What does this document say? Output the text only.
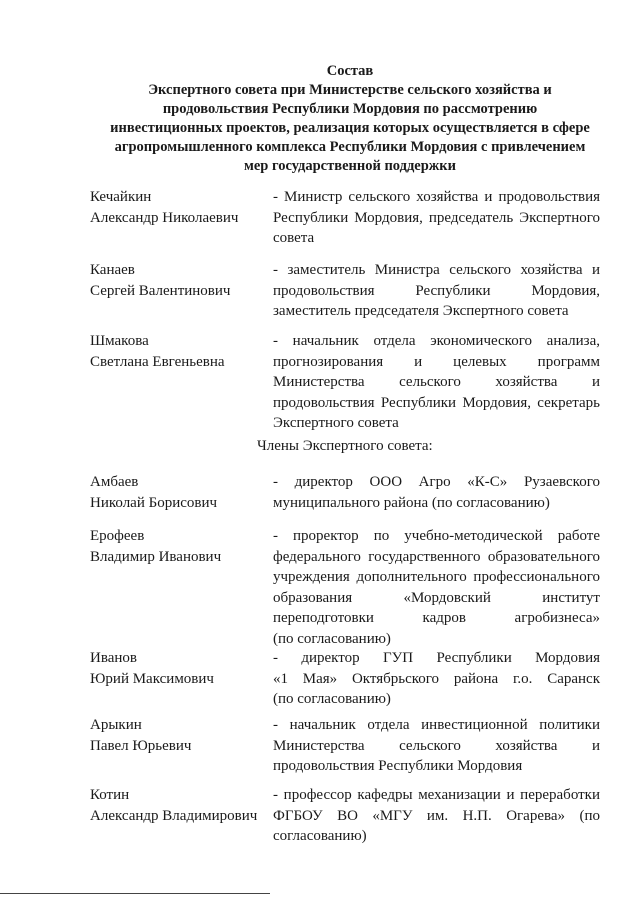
Состав
Экспертного совета при Министерстве сельского хозяйства и
продовольствия Республики Мордовия по рассмотрению
инвестиционных проектов, реализация которых осуществляется в сфере
агропромышленного комплекса Республики Мордовия с привлечением
мер государственной поддержки
Кечайкин
Александр Николаевич
- Министр сельского хозяйства и продовольствия
Республики Мордовия, председатель Экспертного
совета
Канаев
Сергей Валентинович
- заместитель Министра сельского хозяйства и
продовольствия Республики Мордовия,
заместитель председателя Экспертного совета
Шмакова
Светлана Евгеньевна
- начальник отдела экономического анализа,
прогнозирования и целевых программ
Министерства сельского хозяйства и
продовольствия Республики Мордовия, секретарь
Экспертного совета
Члены Экспертного совета:
Амбаев
Николай Борисович
- директор ООО Агро «К-С» Рузаевского
муниципального района (по согласованию)
Ерофеев
Владимир Иванович
- проректор по учебно-методической работе
федерального государственного образовательного
учреждения дополнительного профессионального
образования «Мордовский институт
переподготовки кадров агробизнеса»
(по согласованию)
Иванов
Юрий Максимович
- директор ГУП Республики Мордовия
«1 Мая» Октябрьского района г.о. Саранск
(по согласованию)
Арыкин
Павел Юрьевич
- начальник отдела инвестиционной политики
Министерства сельского хозяйства и
продовольствия Республики Мордовия
Котин
Александр Владимирович
- профессор кафедры механизации и переработки
ФГБОУ ВО «МГУ им. Н.П. Огарева» (по
согласованию)
